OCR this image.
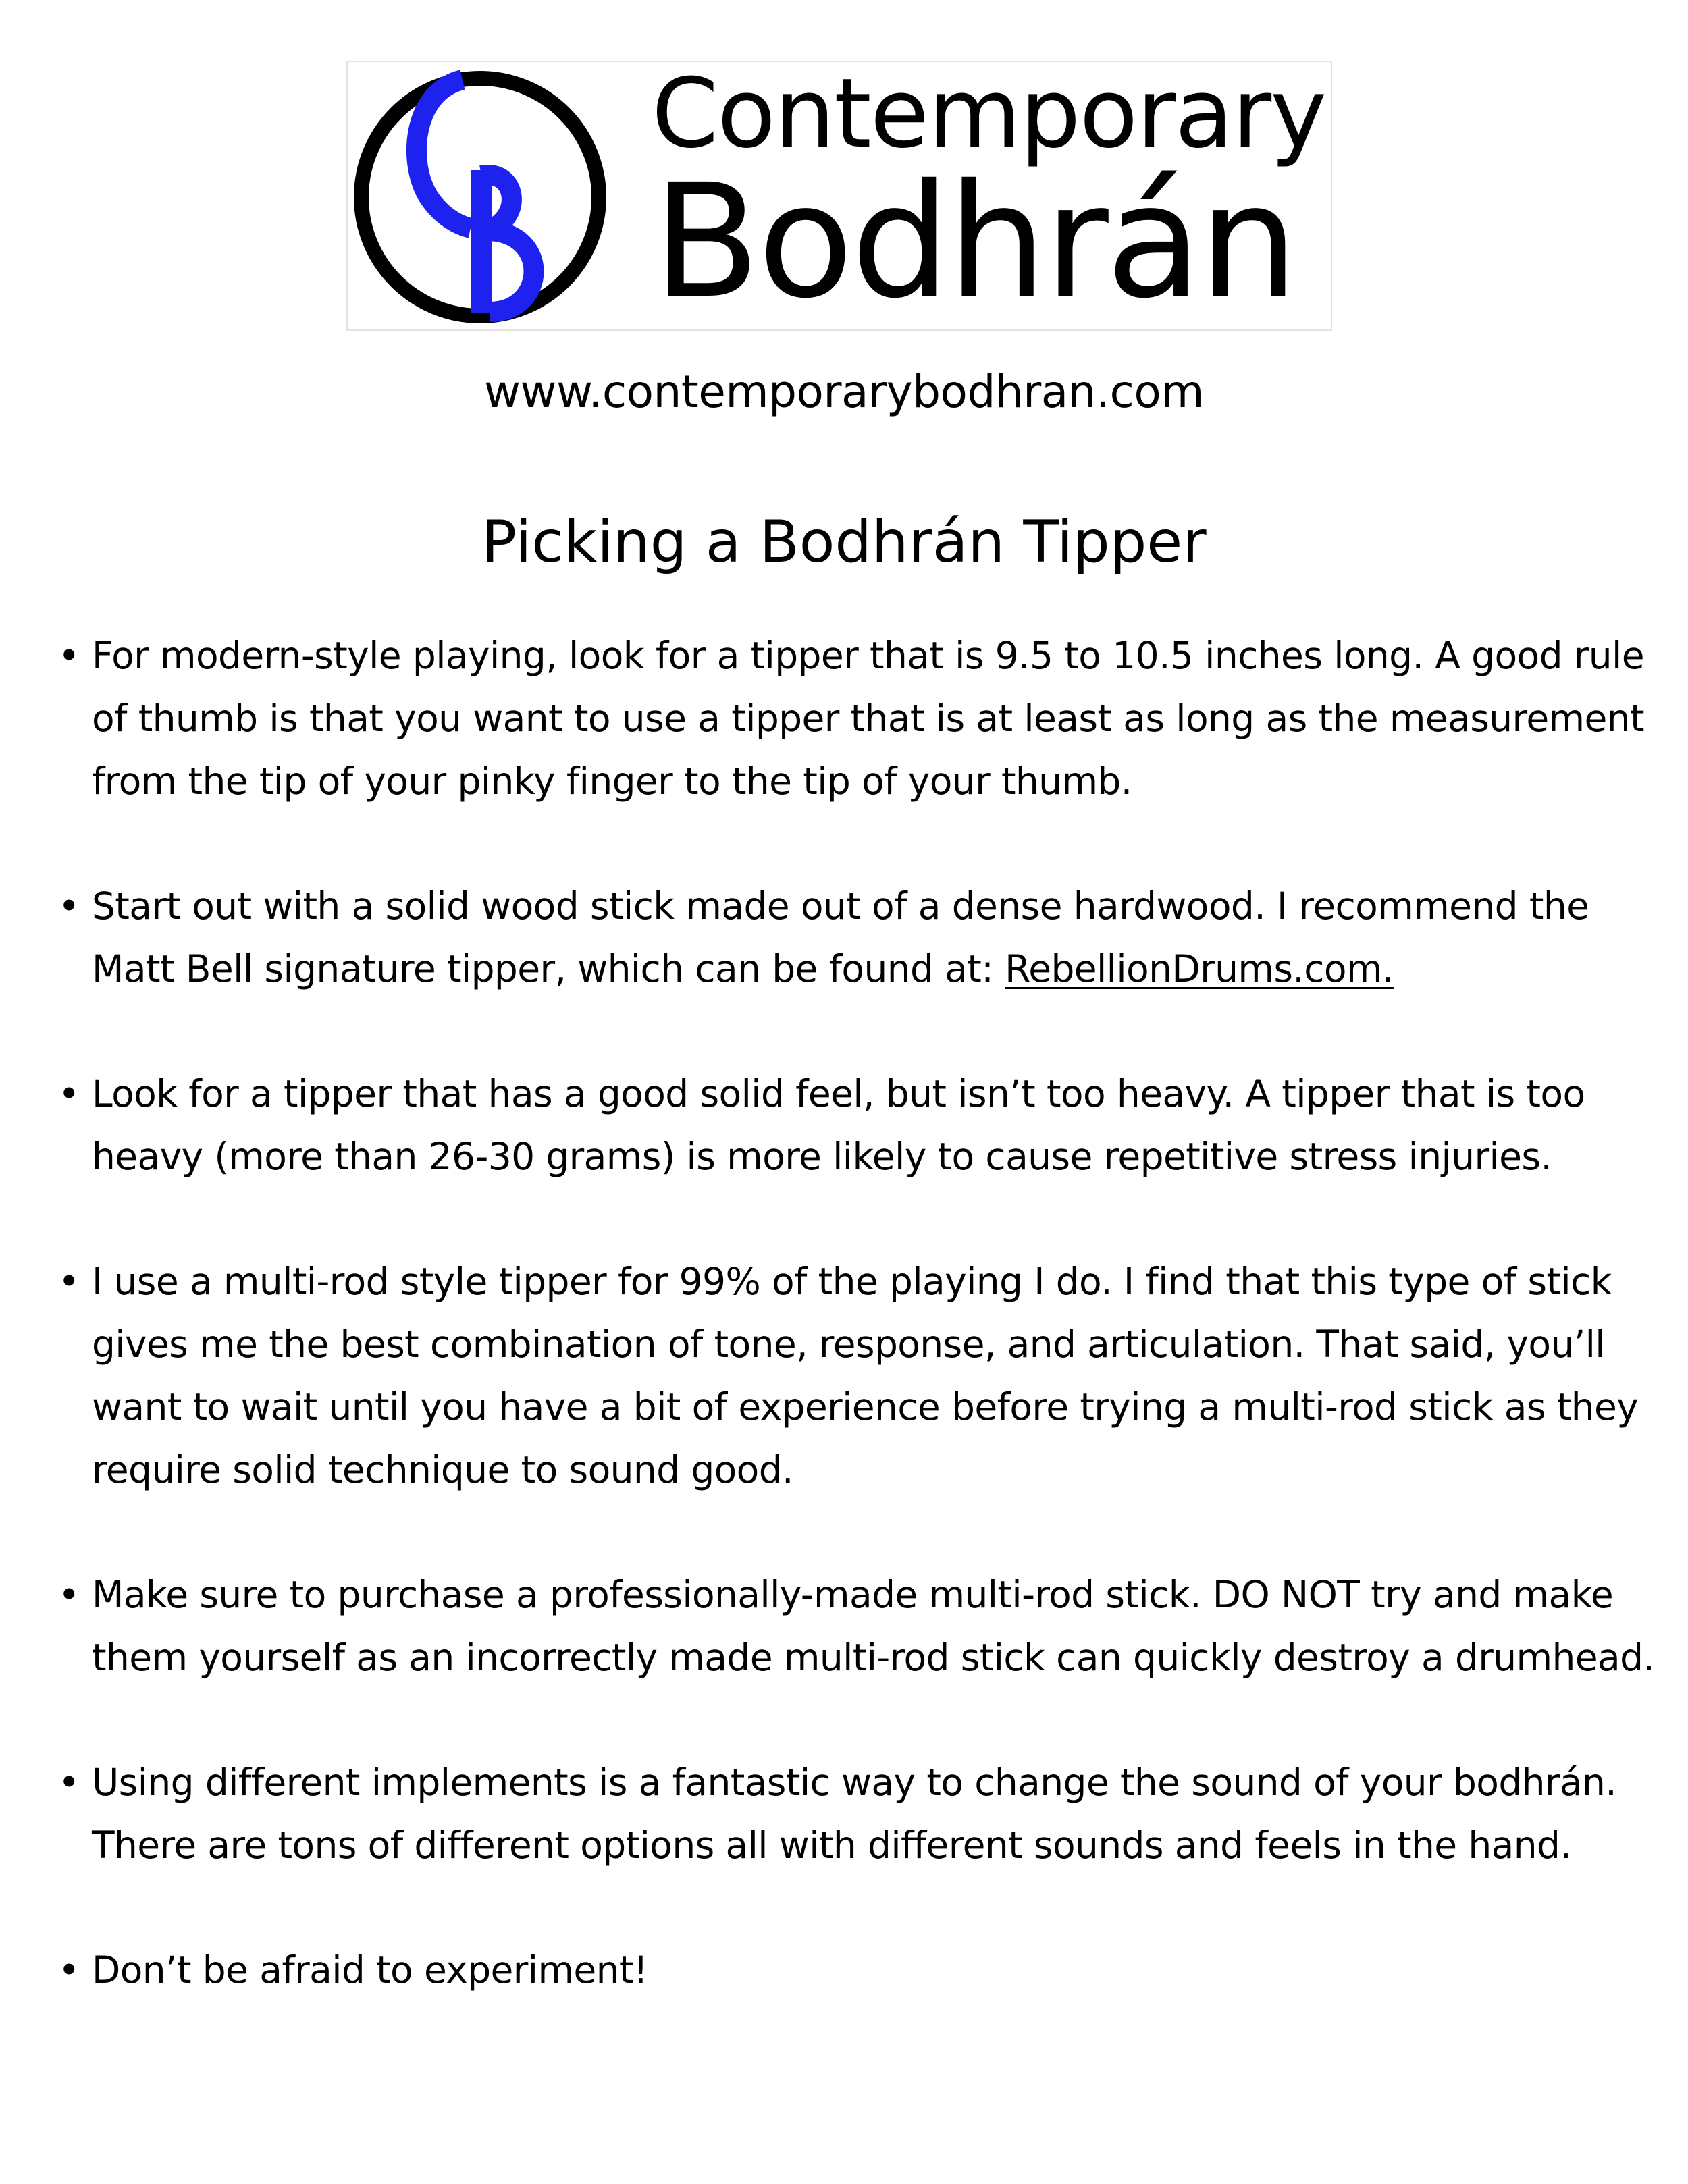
Contemporary
Bodhrán
www.contemporarybodhran.com
Picking a Bodhrán Tipper
• For modern-style playing, look for a tipper that is 9.5 to 10.5 inches long. A good rule of thumb is that you want to use a tipper that is at least as long as the measurement from the tip of your pinky finger to the tip of your thumb.
• Start out with a solid wood stick made out of a dense hardwood. I recommend the Matt Bell signature tipper, which can be found at: RebellionDrums.com.
• Look for a tipper that has a good solid feel, but isn’t too heavy. A tipper that is too heavy (more than 26-30 grams) is more likely to cause repetitive stress injuries.
• I use a multi-rod style tipper for 99% of the playing I do. I find that this type of stick gives me the best combination of tone, response, and articulation. That said, you’ll want to wait until you have a bit of experience before trying a multi-rod stick as they require solid technique to sound good.
• Make sure to purchase a professionally-made multi-rod stick. DO NOT try and make them yourself as an incorrectly made multi-rod stick can quickly destroy a drumhead.
• Using different implements is a fantastic way to change the sound of your bodhrán. There are tons of different options all with different sounds and feels in the hand.
• Don’t be afraid to experiment!
